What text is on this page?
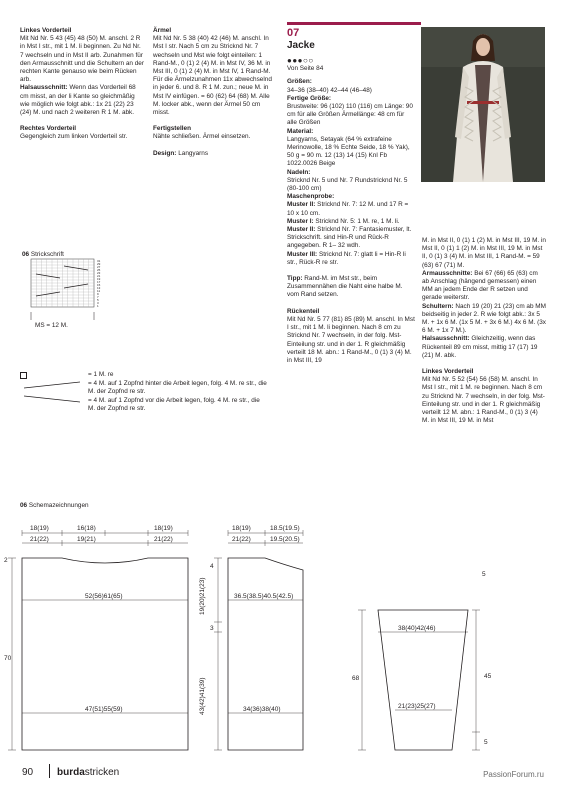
Linkes Vorderteil
Mit Nd Nr. 5 43 (45) 48 (50) M. anschl. 2 R in Mst I str., mit 1 M. li beginnen. Zu Nd Nr. 7 wechseln und in Mst II arb. Zunahmen für den Armausschnitt und die Schultern an der rechten Kante genauso wie beim Rücken arb.

Halsausschnitt: Wenn das Vorderteil 68 cm misst, an der li Kante so gleichmäßig wie möglich wie folgt abk.: 1x 21 (22) 23 (24) M. und nach 2 weiteren R 1 M. abk.

Rechtes Vorderteil
Gegengleich zum linken Vorderteil str.

Ärmel
Mit Nd Nr. 5 38 (40) 42 (46) M. anschl. In Mst I str. Nach 5 cm zu Stricknd Nr. 7 wechseln und Mst wie folgt einteilen: 1 Rand-M., 0 (1) 2 (4) M. in Mst IV, 36 M. in Mst III, 0 (1) 2 (4) M. in Mst IV, 1 Rand-M. Für die Ärmelzunahmen 11x abwechselnd in jeder 6. und 8. R 1 M. zun.; neue M. in Mst IV einfügen. = 60 (62) 64 (68) M. Alle M. locker abk., wenn der Ärmel 50 cm misst.

Fertigstellen
Nähte schließen. Ärmel einsetzen.

Design: Langyarns

07
Jacke

●●●○○

Von Seite 84

Größen:
34–36 (38–40) 42–44 (46–48)

Fertige Größe:
Brustweite: 96 (102) 110 (116) cm Länge: 90 cm für alle Größen Ärmellänge: 48 cm für alle Größen

Material:
Langyarns, Setayak (64 % extrafeine Merinowolle, 18 % Echte Seide, 18 % Yak), 50 g = 90 m. 12 (13) 14 (15) Knl Fb 1022.0026 Beige

Nadeln:
Stricknd Nr. 5 und Nr. 7 Rundstricknd Nr. 5 (80-100 cm)

Maschenprobe:
Muster II: Stricknd Nr. 7: 12 M. und 17 R = 10 x 10 cm.

Muster I: Stricknd Nr. 5: 1 M. re, 1 M. li.

Muster II: Stricknd Nr. 7: Fantasiemuster, lt. Strickschrift. sind Hin-R und Rück-R angegeben. R 1– 32 wdh.

Muster III: Stricknd Nr. 7: glatt li = Hin-R li str., Rück-R re str.

Tipp: Rand-M. im Mst str., beim Zusammennähen die Naht eine halbe M. vom Rand setzen.

Rückenteil
Mit Nd Nr. 5 77 (81) 85 (89) M. anschl. In Mst I str., mit 1 M. li beginnen. Nach 8 cm zu Stricknd Nr. 7 wechseln, in der folg. Mst-Einteilung str. und in der 1. R gleichmäßig verteilt 18 M. abn.: 1 Rand-M., 0 (1) 3 (4) M. in Mst III, 19

M. in Mst II, 0 (1) 1 (2) M. in Mst III, 19 M. in Mst II, 0 (1) 1 (2) M. in Mst III, 19 M. in Mst II, 0 (1) 3 (4) M. in Mst III, 1 Rand-M. = 59 (63) 67 (71) M.

Armausschnitte: Bei 67 (66) 65 (63) cm ab Anschlag (hängend gemessen) einen MM an jedem Ende der R setzen und gerade weiterstr.

Schultern: Nach 19 (20) 21 (23) cm ab MM beidseitig in jeder 2. R wie folgt abk.: 3x 5 M. + 1x 6 M. (1x 5 M. + 3x 6 M.) 4x 6 M. (3x 6 M. + 1x 7 M.).

Halsausschnitt: Gleichzeitig, wenn das Rückenteil 89 cm misst, mittig 17 (17) 19 (21) M. abk.

Linkes Vorderteil
Mit Nd Nr. 5 52 (54) 56 (58) M. anschl. In Mst I str., mit 1 M. re beginnen. Nach 8 cm zu Stricknd Nr. 7 wechseln, in der folg. Mst-Einteilung str. und in der 1. R gleichmäßig verteilt 12 M. abn.: 1 Rand-M., 0 (1) 3 (4) M. in Mst III, 19 M. in Mst

06 Strickschrift
31
29
27
25
23
21
19
17
15
13
11
9
7
5
3
1
MS = 12 M.
= 1 M. re
= 4 M. auf 1 Zopfnd hinter die Arbeit legen, folg. 4 M. re str., die M. der Zopfnd re str.
= 4 M. auf 1 Zopfnd vor die Arbeit legen, folg. 4 M. re str., die M. der Zopfnd re str.
06 Schemazeichnungen
18(19)	16(18)	18(19)
21(22)	19(21)	21(22)
52(56)61(65)
47(51)55(59)
2
70
18(19)	18.5(19.5)
21(22)	19.5(20.5)
36.5(38.5)40.5(42.5)
34(36)38(40)
4
3
19(20)21(23)
43(42)41(39)
38(40)42(46)
21(23)25(27)
68	45
5
5
90 burdastricken	PassionForum.ru
